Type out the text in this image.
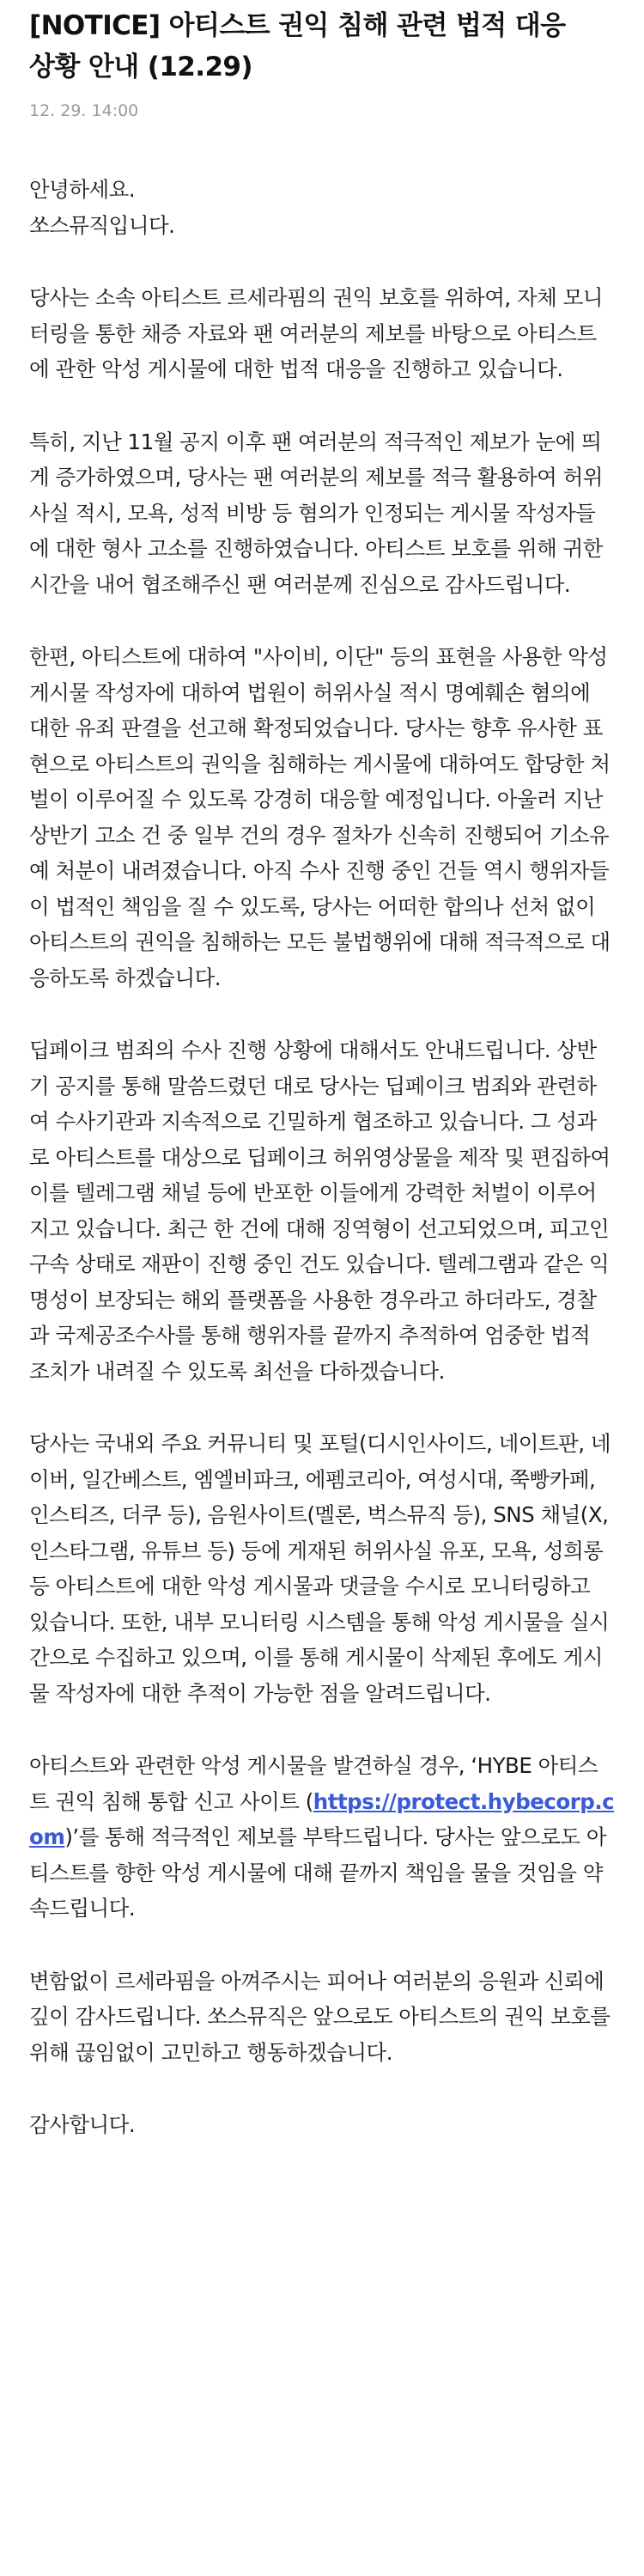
[NOTICE] 아티스트 권익 침해 관련 법적 대응 상황 안내 (12.29)
12. 29. 14:00

안녕하세요.
쏘스뮤직입니다.

당사는 소속 아티스트 르세라핌의 권익 보호를 위하여, 자체 모니터링을 통한 채증 자료와 팬 여러분의 제보를 바탕으로 아티스트에 관한 악성 게시물에 대한 법적 대응을 진행하고 있습니다.

특히, 지난 11월 공지 이후 팬 여러분의 적극적인 제보가 눈에 띄게 증가하였으며, 당사는 팬 여러분의 제보를 적극 활용하여 허위사실 적시, 모욕, 성적 비방 등 혐의가 인정되는 게시물 작성자들에 대한 형사 고소를 진행하였습니다. 아티스트 보호를 위해 귀한 시간을 내어 협조해주신 팬 여러분께 진심으로 감사드립니다.

한편, 아티스트에 대하여 "사이비, 이단" 등의 표현을 사용한 악성 게시물 작성자에 대하여 법원이 허위사실 적시 명예훼손 혐의에 대한 유죄 판결을 선고해 확정되었습니다. 당사는 향후 유사한 표현으로 아티스트의 권익을 침해하는 게시물에 대하여도 합당한 처벌이 이루어질 수 있도록 강경히 대응할 예정입니다. 아울러 지난 상반기 고소 건 중 일부 건의 경우 절차가 신속히 진행되어 기소유예 처분이 내려졌습니다. 아직 수사 진행 중인 건들 역시 행위자들이 법적인 책임을 질 수 있도록, 당사는 어떠한 합의나 선처 없이 아티스트의 권익을 침해하는 모든 불법행위에 대해 적극적으로 대응하도록 하겠습니다.

딥페이크 범죄의 수사 진행 상황에 대해서도 안내드립니다. 상반기 공지를 통해 말씀드렸던 대로 당사는 딥페이크 범죄와 관련하여 수사기관과 지속적으로 긴밀하게 협조하고 있습니다. 그 성과로 아티스트를 대상으로 딥페이크 허위영상물을 제작 및 편집하여 이를 텔레그램 채널 등에 반포한 이들에게 강력한 처벌이 이루어지고 있습니다. 최근 한 건에 대해 징역형이 선고되었으며, 피고인 구속 상태로 재판이 진행 중인 건도 있습니다. 텔레그램과 같은 익명성이 보장되는 해외 플랫폼을 사용한 경우라고 하더라도, 경찰과 국제공조수사를 통해 행위자를 끝까지 추적하여 엄중한 법적 조치가 내려질 수 있도록 최선을 다하겠습니다.

당사는 국내외 주요 커뮤니티 및 포털(디시인사이드, 네이트판, 네이버, 일간베스트, 엠엘비파크, 에펨코리아, 여성시대, 쭉빵카페, 인스티즈, 더쿠 등), 음원사이트(멜론, 벅스뮤직 등), SNS 채널(X, 인스타그램, 유튜브 등) 등에 게재된 허위사실 유포, 모욕, 성희롱 등 아티스트에 대한 악성 게시물과 댓글을 수시로 모니터링하고 있습니다. 또한, 내부 모니터링 시스템을 통해 악성 게시물을 실시간으로 수집하고 있으며, 이를 통해 게시물이 삭제된 후에도 게시물 작성자에 대한 추적이 가능한 점을 알려드립니다.

아티스트와 관련한 악성 게시물을 발견하실 경우, ‘HYBE 아티스트 권익 침해 통합 신고 사이트 (https://protect.hybecorp.com)’를 통해 적극적인 제보를 부탁드립니다. 당사는 앞으로도 아티스트를 향한 악성 게시물에 대해 끝까지 책임을 물을 것임을 약속드립니다.

변함없이 르세라핌을 아껴주시는 피어나 여러분의 응원과 신뢰에 깊이 감사드립니다. 쏘스뮤직은 앞으로도 아티스트의 권익 보호를 위해 끊임없이 고민하고 행동하겠습니다.

감사합니다.
